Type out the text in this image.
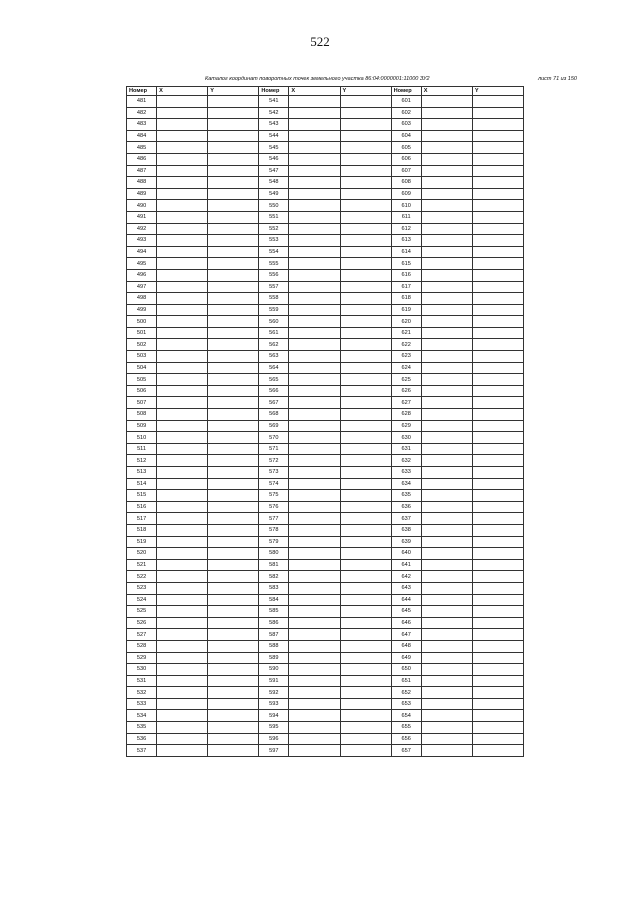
522
Каталог координат поворотных точек земельного участка 86:04:0000001:11000 ЗУ2	лист 71 из 150
Номер	X	Y	Номер	X	Y	Номер	X	Y
481			541			601		
482			542			602		
483			543			603		
484			544			604		
485			545			605		
486			546			606		
487			547			607		
488			548			608		
489			549			609		
490			550			610		
491			551			611		
492			552			612		
493			553			613		
494			554			614		
495			555			615		
496			556			616		
497			557			617		
498			558			618		
499			559			619		
500			560			620		
501			561			621		
502			562			622		
503			563			623		
504			564			624		
505			565			625		
506			566			626		
507			567			627		
508			568			628		
509			569			629		
510			570			630		
511			571			631		
512			572			632		
513			573			633		
514			574			634		
515			575			635		
516			576			636		
517			577			637		
518			578			638		
519			579			639		
520			580			640		
521			581			641		
522			582			642		
523			583			643		
524			584			644		
525			585			645		
526			586			646		
527			587			647		
528			588			648		
529			589			649		
530			590			650		
531			591			651		
532			592			652		
533			593			653		
534			594			654		
535			595			655		
536			596			656		
537			597			657		
